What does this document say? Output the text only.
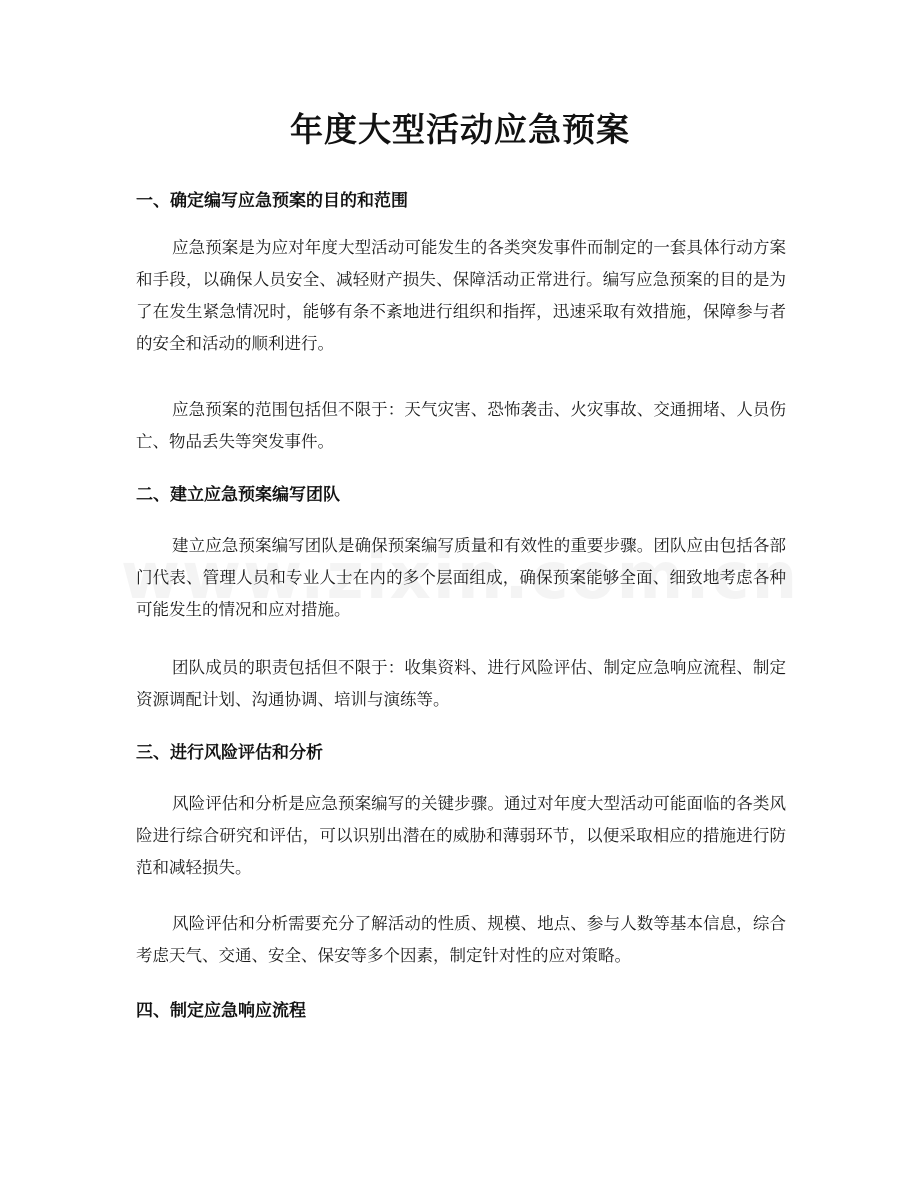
年度大型活动应急预案
一、确定编写应急预案的目的和范围
应急预案是为应对年度大型活动可能发生的各类突发事件而制定的一套具体行动方案和手段，以确保人员安全、减轻财产损失、保障活动正常进行。编写应急预案的目的是为了在发生紧急情况时，能够有条不紊地进行组织和指挥，迅速采取有效措施，保障参与者的安全和活动的顺利进行。
应急预案的范围包括但不限于：天气灾害、恐怖袭击、火灾事故、交通拥堵、人员伤亡、物品丢失等突发事件。
二、建立应急预案编写团队
建立应急预案编写团队是确保预案编写质量和有效性的重要步骤。团队应由包括各部门代表、管理人员和专业人士在内的多个层面组成，确保预案能够全面、细致地考虑各种可能发生的情况和应对措施。
团队成员的职责包括但不限于：收集资料、进行风险评估、制定应急响应流程、制定资源调配计划、沟通协调、培训与演练等。
三、进行风险评估和分析
风险评估和分析是应急预案编写的关键步骤。通过对年度大型活动可能面临的各类风险进行综合研究和评估，可以识别出潜在的威胁和薄弱环节，以便采取相应的措施进行防范和减轻损失。
风险评估和分析需要充分了解活动的性质、规模、地点、参与人数等基本信息，综合考虑天气、交通、安全、保安等多个因素，制定针对性的应对策略。
四、制定应急响应流程
